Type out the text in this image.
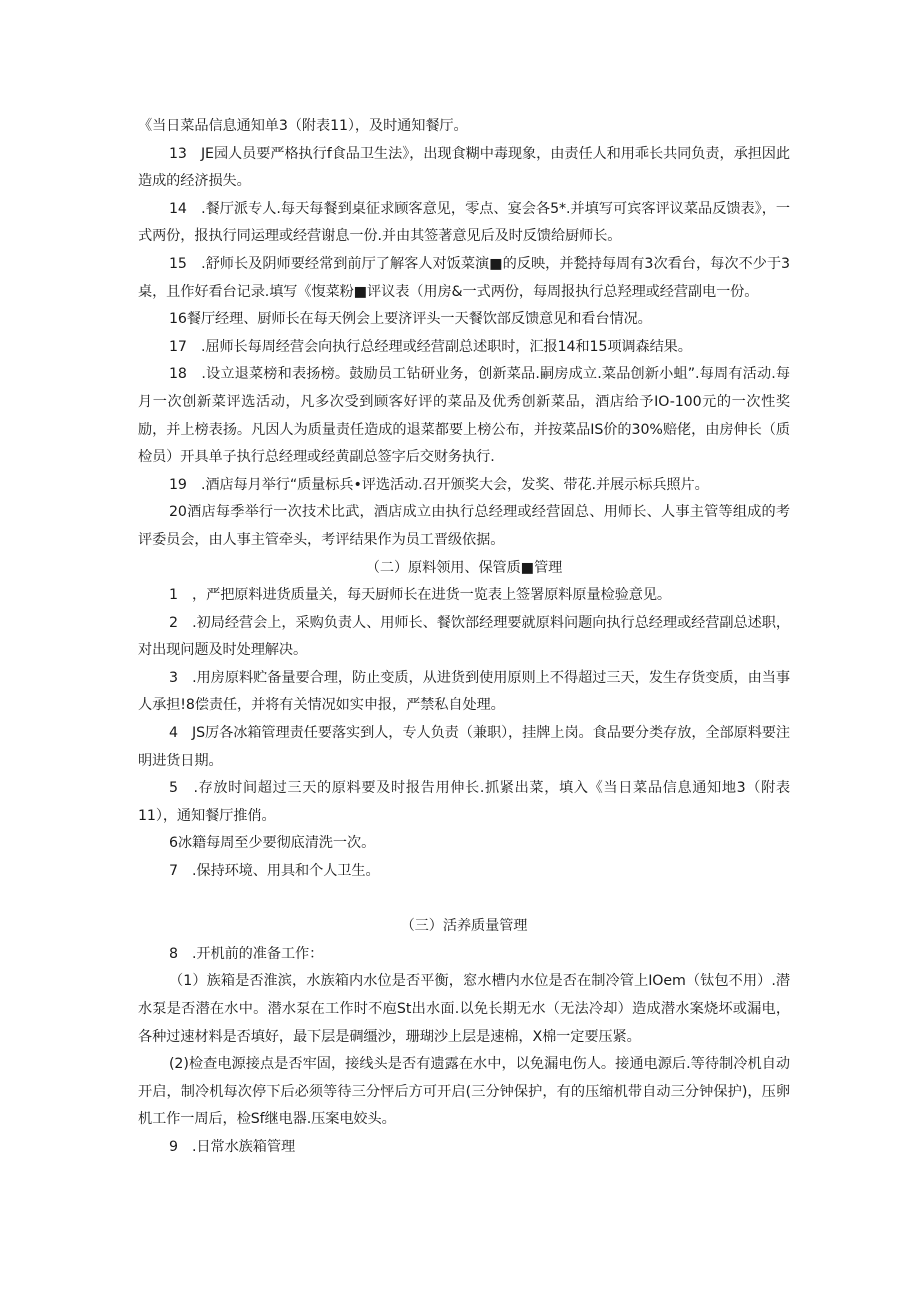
《当日菜品信息通知单3（附表11），及时通知餐厅。

13　JE园人员要严格执行f食品卫生法》，出现食糊中毒现象，由责任人和用乖长共同负责，承担因此造成的经济损失。

14　.餐厅派专人.每天每餐到桌征求顾客意见，零点、宴会各5*.并填写可宾客评议菜品反馈表》，一式两份，报执行同运理或经营谢息一份.并由其签著意见后及时反馈给厨师长。

15　.舒师长及阴师要经常到前厅了解客人对饭菜演■的反映，并甃持每周有3次看台，每次不少于3桌，且作好看台记录.填写《愎菜粉■评议表（用房&一式两份，每周报执行总羟理或经营副电一份。

16餐厅经理、厨师长在每天例会上要济评头一天餐饮部反馈意见和看台情况。

17　.屈师长每周经营会向执行总经理或经营副总述职时，汇报14和15项调森结果。

18　.设立退菜榜和表扬榜。鼓励员工钻研业务，创新菜品.嗣房成立.菜品创新小蛆”.每周有活动.每月一次创新菜评选活动，凡多次受到顾客好评的菜品及优秀创新菜品，酒店给予IO-100元的一次性奖励，并上榜表扬。凡因人为质量责任造成的退菜都要上榜公布，并按菜品IS价的30%赔佬，由房伸长（质检员）开具单子执行总经理或经黄副总签字后交财务执行.

19　.酒店每月举行“质量标兵•评选活动.召开颁奖大会，发奖、带花.并展示标兵照片。

20酒店每季举行一次技术比武，酒店成立由执行总经理或经营固总、用师长、人事主管等组成的考评委员会，由人事主管牵头，考评结果作为员工晋级依据。

（二）原料领用、保管质■管理

1　，严把原料进货质量关，每天厨师长在进货一览表上签署原料原量检验意见。

2　.初局经营会上，采购负责人、用师长、餐饮部经理要就原料问题向执行总经理或经营副总述职，对出现问题及时处理解决。

3　.用房原料贮备量要合理，防止变质，从进货到使用原则上不得超过三天，发生存货变质，由当事人承担!8偿责任，并将有关情况如实申报，严禁私自处理。

4　JS厉各冰箱管理责任要落实到人，专人负责（兼职），挂牌上岗。食品要分类存放，全部原料要注明进货日期。

5　.存放时间超过三天的原料要及时报告用伸长.抓紧出菜，填入《当日菜品信息通知地3（附表11），通知餐厅推俏。

6冰籍每周至少要彻底清洗一次。

7　.保持环境、用具和个人卫生。

（三）活养质量管理

8　.开机前的准备工作：

（1）族箱是否淮滨，水族箱内水位是否平衡，窓水槽内水位是否在制冷管上IOem（钛包不用）.潜水泵是否潜在水中。潜水泵在工作时不庖St出水面.以免长期无水（无法冷却）造成潜水案烧坏或漏电，各种过速材料是否填好，最下层是碉缰沙，珊瑚沙上层是速棉，Х棉一定要压紧。

(2)检查电源接点是否牢固，接线头是否有遗露在水中，以免漏电伤人。接通电源后.等待制冷机自动开启，制冷机每次停下后必须等待三分怦后方可开启(三分钟保护，有的压缩机带自动三分钟保护)，压卵机工作一周后，检Sf继电器.压案电姣头。

9　.日常水族箱管理
